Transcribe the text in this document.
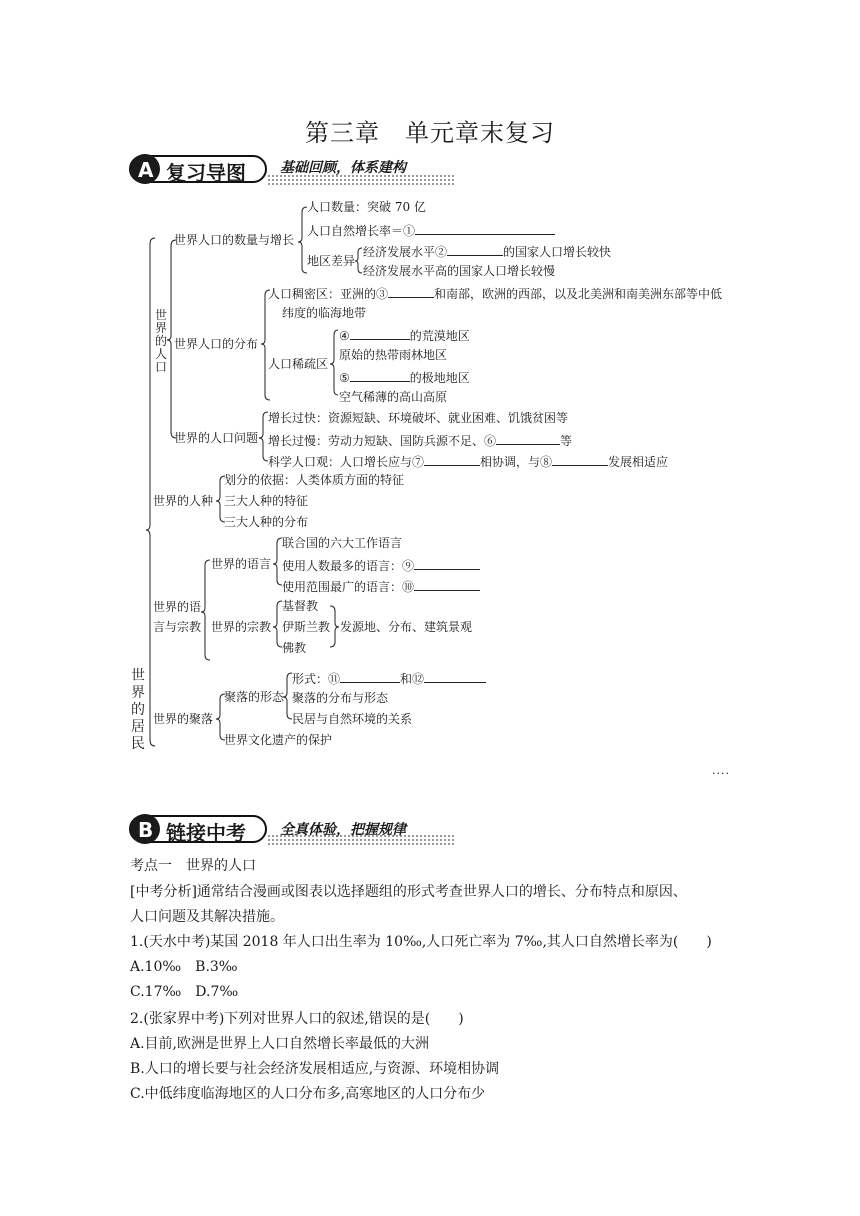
第三章　单元章末复习
A 复习导图 基础回顾，体系建构
世界的居民
世界的人口
世界人口的数量与增长
人口数量：突破 70 亿
人口自然增长率＝①
地区差异
经济发展水平②	的国家人口增长较快
经济发展水平高的国家人口增长较慢
世界人口的分布
人口稠密区：亚洲的③	和南部，欧洲的西部，以及北美洲和南美洲东部等中低
纬度的临海地带
人口稀疏区
④	的荒漠地区
原始的热带雨林地区
⑤	的极地地区
空气稀薄的高山高原
世界的人口问题
增长过快：资源短缺、环境破坏、就业困难、饥饿贫困等
增长过慢：劳动力短缺、国防兵源不足、⑥	等
科学人口观：人口增长应与⑦	相协调，与⑧	发展相适应
世界的人种
划分的依据：人类体质方面的特征
三大人种的特征
三大人种的分布
世界的语言与宗教
世界的语言
联合国的六大工作语言
使用人数最多的语言：⑨
使用范围最广的语言：⑩
世界的宗教
基督教
伊斯兰教
佛教
发源地、分布、建筑景观
世界的聚落
聚落的形态
形式：⑪	和⑫
聚落的分布与形态
民居与自然环境的关系
世界文化遗产的保护
····
B 链接中考 全真体验，把握规律
考点一　世界的人口
[中考分析]通常结合漫画或图表以选择题组的形式考查世界人口的增长、分布特点和原因、
人口问题及其解决措施。
1.(天水中考)某国 2018 年人口出生率为 10‰,人口死亡率为 7‰,其人口自然增长率为(　　)
A.10‰　B.3‰
C.17‰　D.7‰
2.(张家界中考)下列对世界人口的叙述,错误的是(　　)
A.目前,欧洲是世界上人口自然增长率最低的大洲
B.人口的增长要与社会经济发展相适应,与资源、环境相协调
C.中低纬度临海地区的人口分布多,高寒地区的人口分布少
